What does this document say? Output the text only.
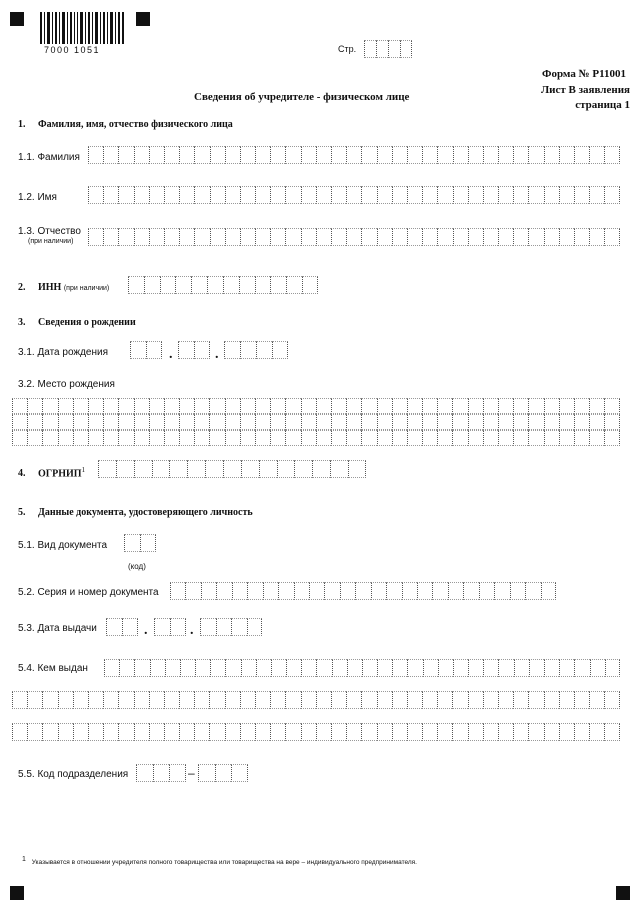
7000 1051	Стр.
Форма № Р11001
Лист В заявления
страница 1
Сведения об учредителе - физическом лице
1. Фамилия, имя, отчество физического лица
1.1. Фамилия
1.2. Имя
1.3. Отчество
(при наличии)
2. ИНН (при наличии)
3. Сведения о рождении
3.1. Дата рождения	.	.
3.2. Место рождения
4. ОГРНИП$^1$
5. Данные документа, удостоверяющего личность
5.1. Вид документа
(код)
5.2. Серия и номер документа
5.3. Дата выдачи	.	.
5.4. Кем выдан
5.5. Код подразделения	–
1 Указывается в отношении учредителя полного товарищества или товарищества на вере – индивидуального предпринимателя.
